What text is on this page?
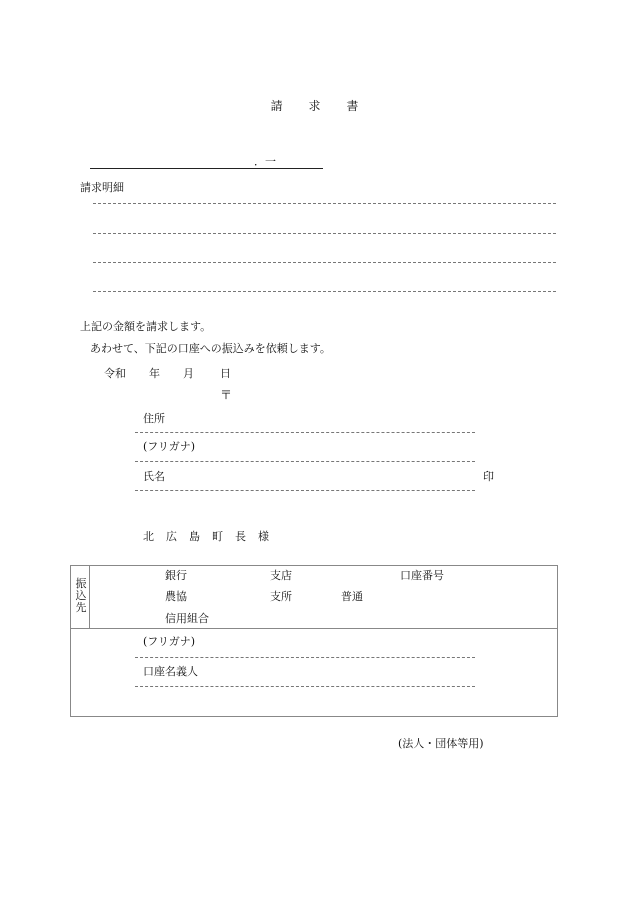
請 求 書
．一
請求明細
上記の金額を請求します。
あわせて、下記の口座への振込みを依頼します。
令和 年 月 日
〒
住所
(フリガナ)
氏名	印
北 広 島 町 長 様
振
込
先
銀行
農協
信用組合
支店
支所	普通
口座番号
(フリガナ)
口座名義人
(法人・団体等用)
